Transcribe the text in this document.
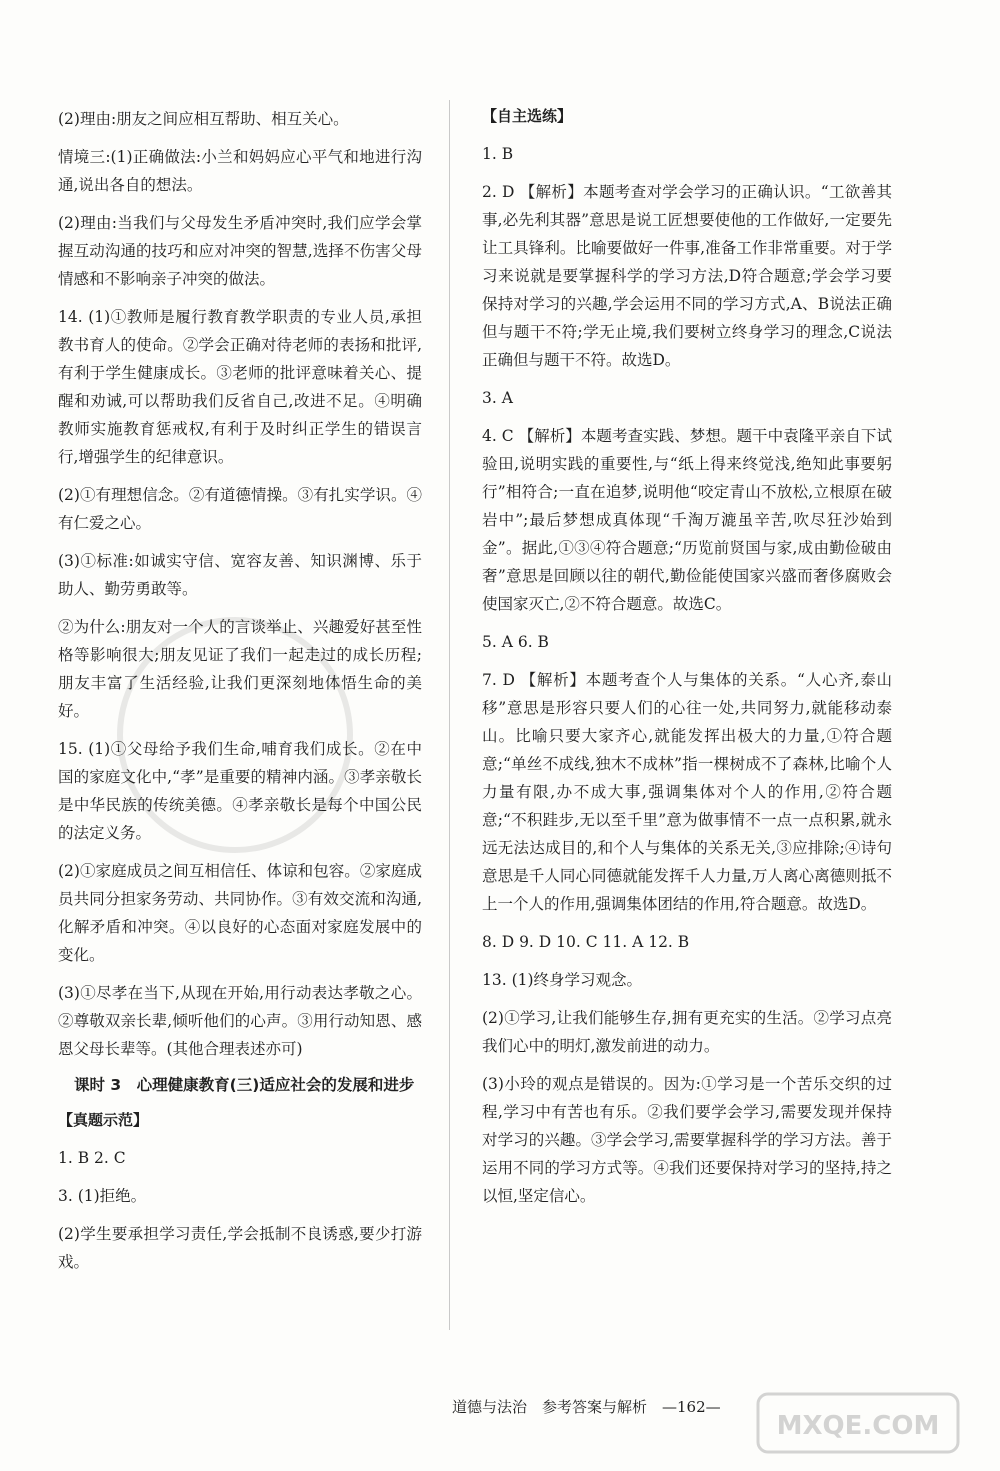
(2)理由:朋友之间应相互帮助、相互关心。

情境三:(1)正确做法:小兰和妈妈应心平气和地进行沟通,说出各自的想法。

(2)理由:当我们与父母发生矛盾冲突时,我们应学会掌握互动沟通的技巧和应对冲突的智慧,选择不伤害父母情感和不影响亲子冲突的做法。

14. (1)①教师是履行教育教学职责的专业人员,承担教书育人的使命。②学会正确对待老师的表扬和批评,有利于学生健康成长。③老师的批评意味着关心、提醒和劝诫,可以帮助我们反省自己,改进不足。④明确教师实施教育惩戒权,有利于及时纠正学生的错误言行,增强学生的纪律意识。

(2)①有理想信念。②有道德情操。③有扎实学识。④有仁爱之心。

(3)①标准:如诚实守信、宽容友善、知识渊博、乐于助人、勤劳勇敢等。

②为什么:朋友对一个人的言谈举止、兴趣爱好甚至性格等影响很大;朋友见证了我们一起走过的成长历程;朋友丰富了生活经验,让我们更深刻地体悟生命的美好。

15. (1)①父母给予我们生命,哺育我们成长。②在中国的家庭文化中,“孝”是重要的精神内涵。③孝亲敬长是中华民族的传统美德。④孝亲敬长是每个中国公民的法定义务。

(2)①家庭成员之间互相信任、体谅和包容。②家庭成员共同分担家务劳动、共同协作。③有效交流和沟通,化解矛盾和冲突。④以良好的心态面对家庭发展中的变化。

(3)①尽孝在当下,从现在开始,用行动表达孝敬之心。②尊敬双亲长辈,倾听他们的心声。③用行动知恩、感恩父母长辈等。(其他合理表述亦可)

课时 3　心理健康教育(三)适应社会的发展和进步
【真题示范】

1. B 2. C

3. (1)拒绝。

(2)学生要承担学习责任,学会抵制不良诱惑,要少打游戏。

【自主选练】

1. B

2. D 【解析】本题考查对学会学习的正确认识。“工欲善其事,必先利其器”意思是说工匠想要使他的工作做好,一定要先让工具锋利。比喻要做好一件事,准备工作非常重要。对于学习来说就是要掌握科学的学习方法,D符合题意;学会学习要保持对学习的兴趣,学会运用不同的学习方式,A、B说法正确但与题干不符;学无止境,我们要树立终身学习的理念,C说法正确但与题干不符。故选D。

3. A

4. C 【解析】本题考查实践、梦想。题干中袁隆平亲自下试验田,说明实践的重要性,与“纸上得来终觉浅,绝知此事要躬行”相符合;一直在追梦,说明他“咬定青山不放松,立根原在破岩中”;最后梦想成真体现“千淘万漉虽辛苦,吹尽狂沙始到金”。据此,①③④符合题意;“历览前贤国与家,成由勤俭破由奢”意思是回顾以往的朝代,勤俭能使国家兴盛而奢侈腐败会使国家灭亡,②不符合题意。故选C。

5. A 6. B

7. D 【解析】本题考查个人与集体的关系。“人心齐,泰山移”意思是形容只要人们的心往一处,共同努力,就能移动泰山。比喻只要大家齐心,就能发挥出极大的力量,①符合题意;“单丝不成线,独木不成林”指一棵树成不了森林,比喻个人力量有限,办不成大事,强调集体对个人的作用,②符合题意;“不积跬步,无以至千里”意为做事情不一点一点积累,就永远无法达成目的,和个人与集体的关系无关,③应排除;④诗句意思是千人同心同德就能发挥千人力量,万人离心离德则抵不上一个人的作用,强调集体团结的作用,符合题意。故选D。

8. D 9. D 10. C 11. A 12. B

13. (1)终身学习观念。

(2)①学习,让我们能够生存,拥有更充实的生活。②学习点亮我们心中的明灯,激发前进的动力。

(3)小玲的观点是错误的。因为:①学习是一个苦乐交织的过程,学习中有苦也有乐。②我们要学会学习,需要发现并保持对学习的兴趣。③学会学习,需要掌握科学的学习方法。善于运用不同的学习方式等。④我们还要保持对学习的坚持,持之以恒,坚定信心。

道德与法治　参考答案与解析　—162—
MXQE.COM
